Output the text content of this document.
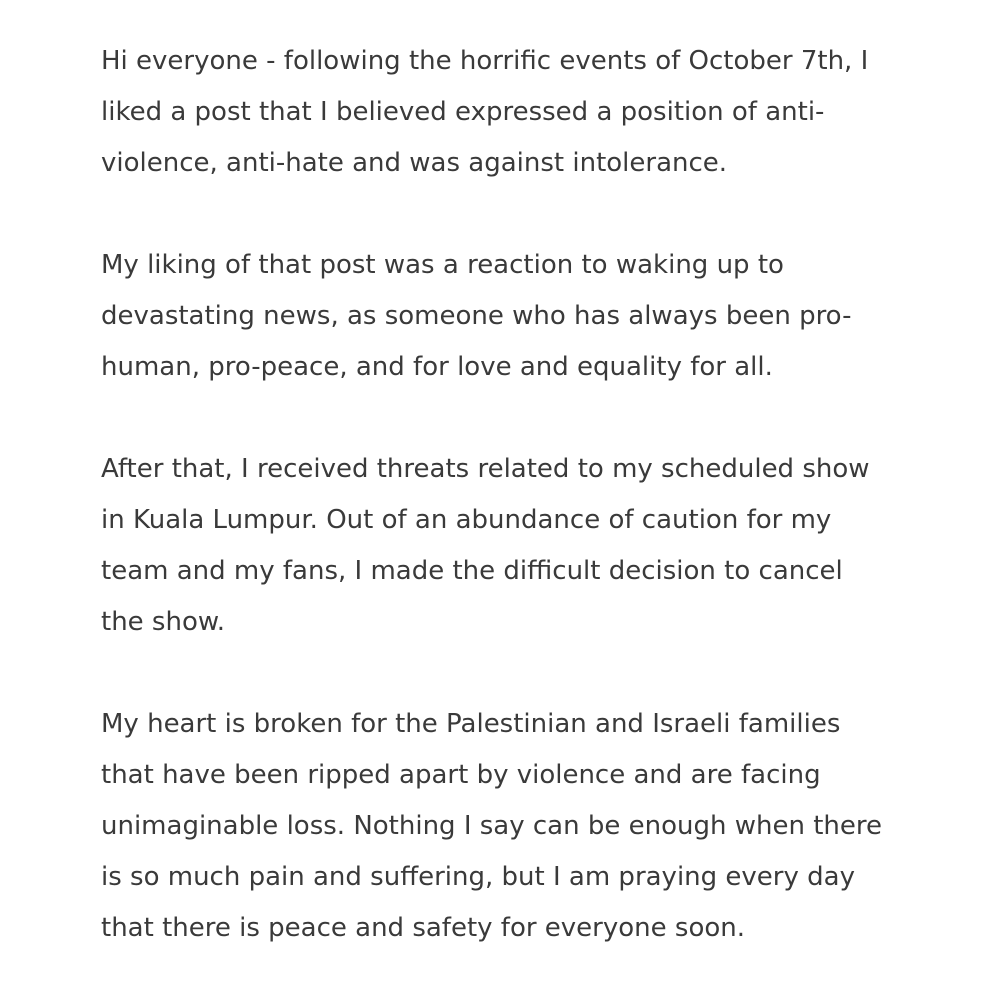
Hi everyone - following the horrific events of October 7th, I
liked a post that I believed expressed a position of anti-
violence, anti-hate and was against intolerance.

My liking of that post was a reaction to waking up to
devastating news, as someone who has always been pro-
human, pro-peace, and for love and equality for all.

After that, I received threats related to my scheduled show
in Kuala Lumpur. Out of an abundance of caution for my
team and my fans, I made the difficult decision to cancel
the show.

My heart is broken for the Palestinian and Israeli families
that have been ripped apart by violence and are facing
unimaginable loss. Nothing I say can be enough when there
is so much pain and suffering, but I am praying every day
that there is peace and safety for everyone soon.
